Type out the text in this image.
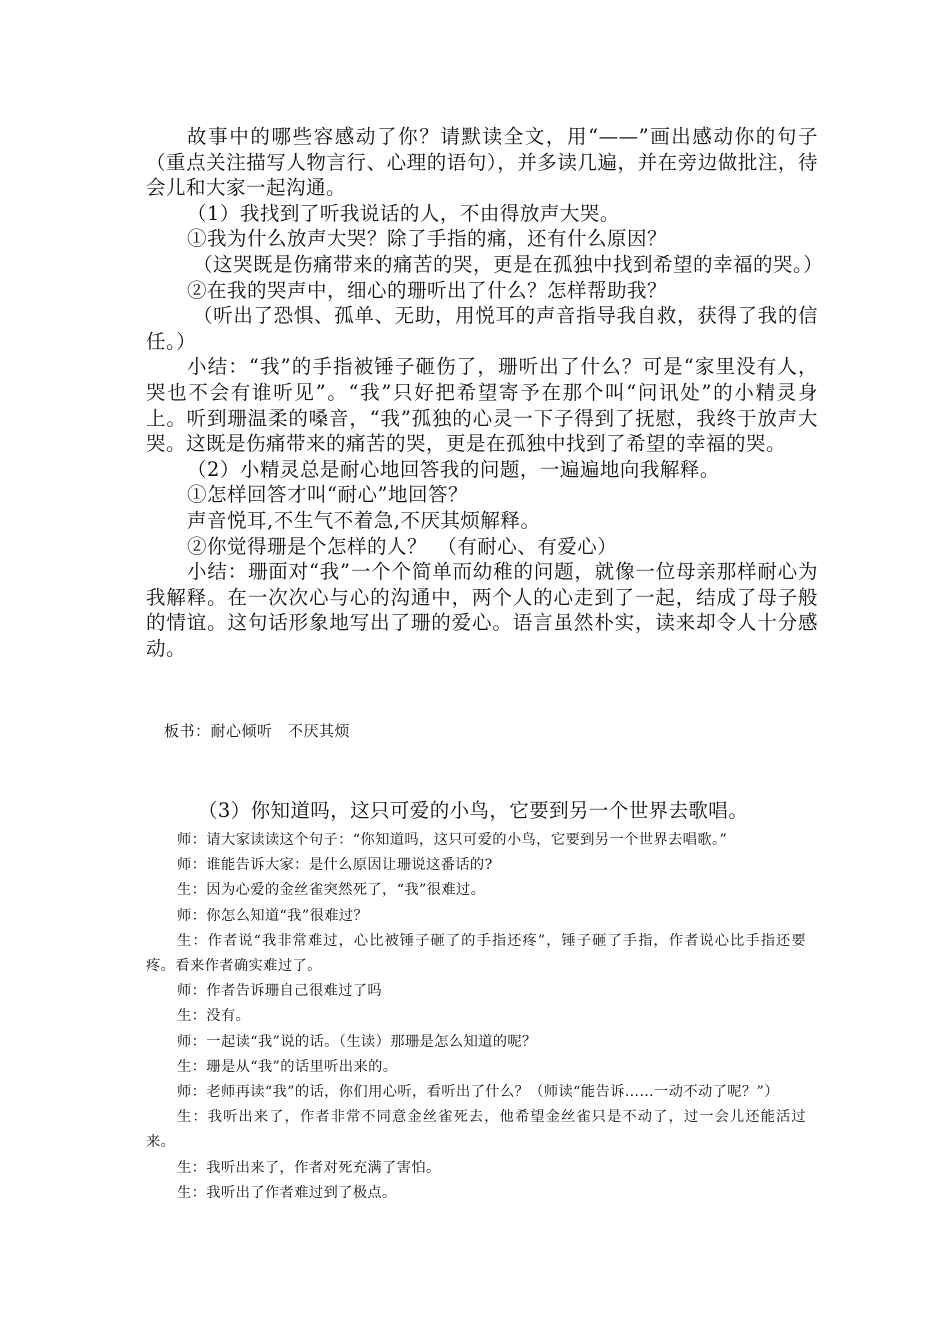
故事中的哪些容感动了你？请默读全文，用“——”画出感动你的句子（重点关注描写人物言行、心理的语句），并多读几遍，并在旁边做批注，待会儿和大家一起沟通。

（1）我找到了听我说话的人，不由得放声大哭。

①我为什么放声大哭？除了手指的痛，还有什么原因？

（这哭既是伤痛带来的痛苦的哭，更是在孤独中找到希望的幸福的哭。）

②在我的哭声中，细心的珊听出了什么？怎样帮助我？

（听出了恐惧、孤单、无助，用悦耳的声音指导我自救，获得了我的信任。）

小结：“我”的手指被锤子砸伤了，珊听出了什么？可是“家里没有人，哭也不会有谁听见”。“我”只好把希望寄予在那个叫“问讯处”的小精灵身上。听到珊温柔的嗓音，“我”孤独的心灵一下子得到了抚慰，我终于放声大哭。这既是伤痛带来的痛苦的哭，更是在孤独中找到了希望的幸福的哭。

（2）小精灵总是耐心地回答我的问题，一遍遍地向我解释。

①怎样回答才叫“耐心”地回答？

声音悦耳,不生气不着急,不厌其烦解释。

②你觉得珊是个怎样的人？　（有耐心、有爱心）

小结：珊面对“我”一个个简单而幼稚的问题，就像一位母亲那样耐心为我解释。在一次次心与心的沟通中，两个人的心走到了一起，结成了母子般的情谊。这句话形象地写出了珊的爱心。语言虽然朴实，读来却令人十分感动。

板书：耐心倾听　不厌其烦
（3）你知道吗，这只可爱的小鸟，它要到另一个世界去歌唱。

师：请大家读读这个句子：“你知道吗，这只可爱的小鸟，它要到另一个世界去唱歌。”

师：谁能告诉大家：是什么原因让珊说这番话的?

生：因为心爱的金丝雀突然死了，“我”很难过。

师：你怎么知道“我”很难过？

生：作者说“我非常难过，心比被锤子砸了的手指还疼”，锤子砸了手指，作者说心比手指还要疼。看来作者确实难过了。

师：作者告诉珊自己很难过了吗

生：没有。

师：一起读“我”说的话。（生读）那珊是怎么知道的呢？

生：珊是从“我”的话里听出来的。

师：老师再读“我”的话，你们用心听，看听出了什么？（师读“能告诉……一动不动了呢？”）

生：我听出来了，作者非常不同意金丝雀死去，他希望金丝雀只是不动了，过一会儿还能活过来。

生：我听出来了，作者对死充满了害怕。

生：我听出了作者难过到了极点。
